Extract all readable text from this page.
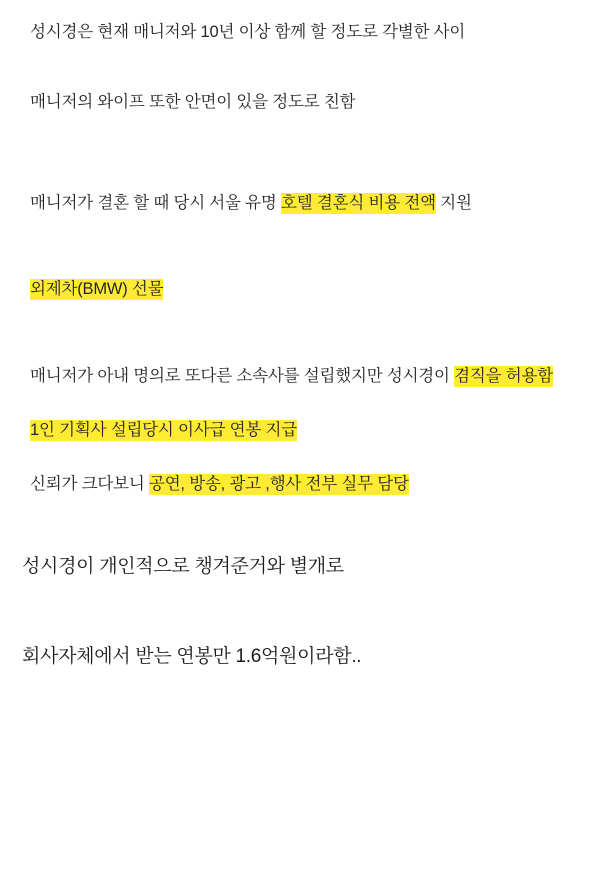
성시경은 현재 매니저와 10년 이상 함께 할 정도로 각별한 사이

매니저의 와이프 또한 안면이 있을 정도로 친함

매니저가 결혼 할 때 당시 서울 유명 호텔 결혼식 비용 전액 지원

외제차(BMW) 선물

매니저가 아내 명의로 또다른 소속사를 설립했지만 성시경이 겸직을 허용함

1인 기획사 설립당시 이사급 연봉 지급

신뢰가 크다보니 공연, 방송, 광고 ,행사 전부 실무 담당

성시경이 개인적으로 챙겨준거와 별개로

회사자체에서 받는 연봉만 1.6억원이라함..
